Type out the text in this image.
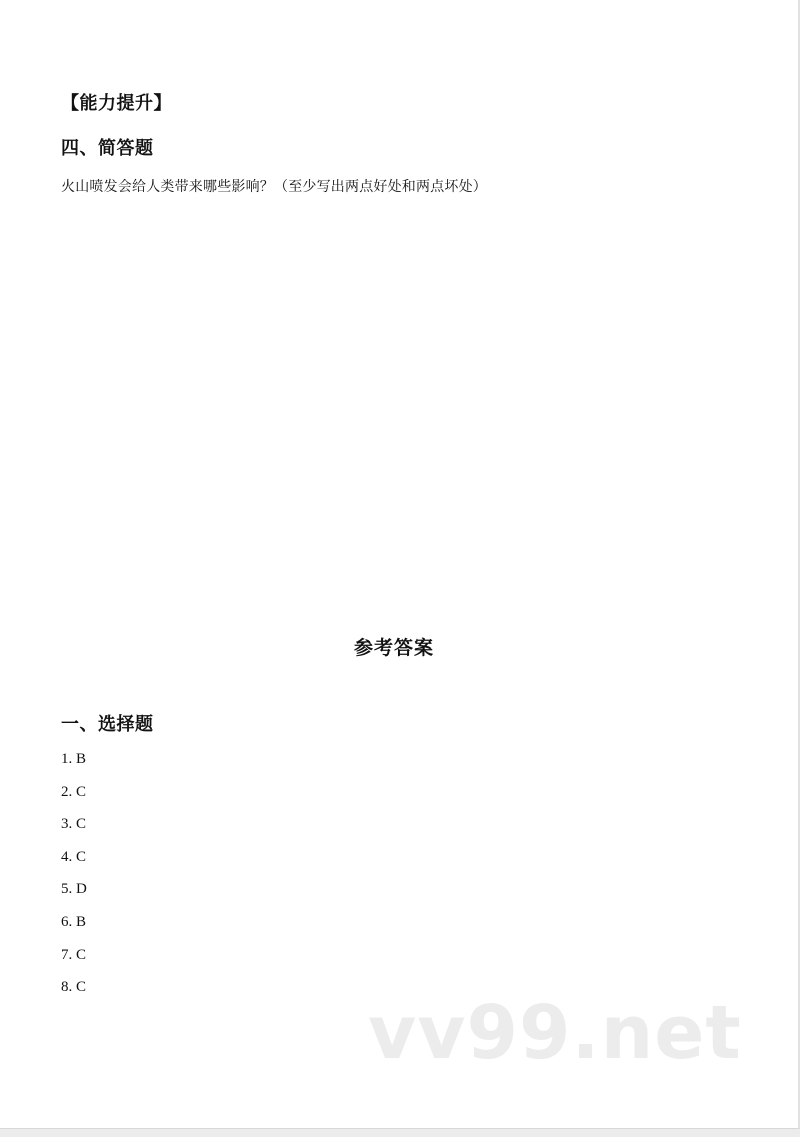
【能力提升】
四、简答题
火山喷发会给人类带来哪些影响？（至少写出两点好处和两点坏处）
参考答案
一、选择题
1. B
2. C
3. C
4. C
5. D
6. B
7. C
8. C
vv99.net
